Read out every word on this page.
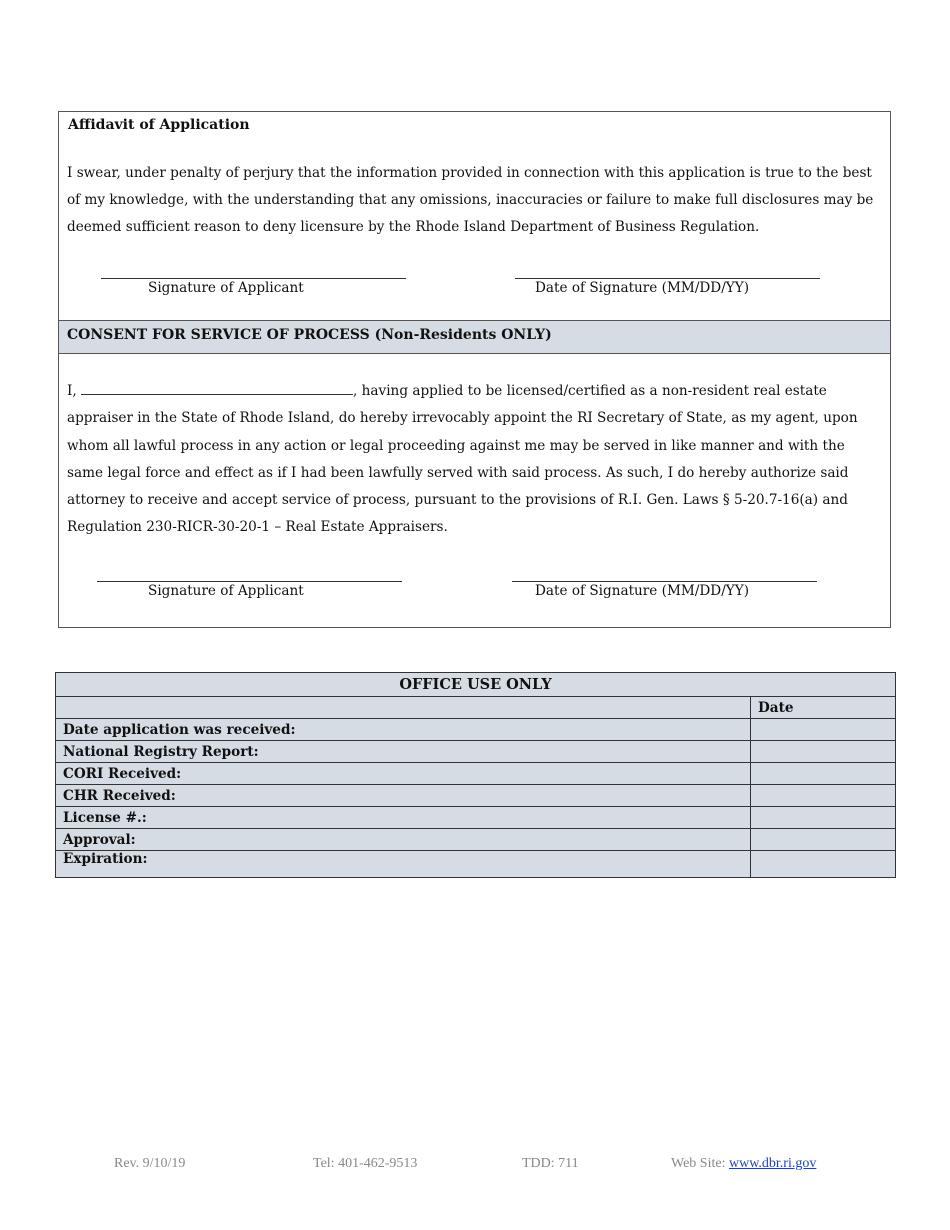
Affidavit of Application
I swear, under penalty of perjury that the information provided in connection with this application is true to the best of my knowledge, with the understanding that any omissions, inaccuracies or failure to make full disclosures may be deemed sufficient reason to deny licensure by the Rhode Island Department of Business Regulation.
Signature of Applicant	Date of Signature (MM/DD/YY)
CONSENT FOR SERVICE OF PROCESS (Non-Residents ONLY)
I,	, having applied to be licensed/certified as a non-resident real estate appraiser in the State of Rhode Island, do hereby irrevocably appoint the RI Secretary of State, as my agent, upon whom all lawful process in any action or legal proceeding against me may be served in like manner and with the same legal force and effect as if I had been lawfully served with said process. As such, I do hereby authorize said attorney to receive and accept service of process, pursuant to the provisions of R.I. Gen. Laws § 5-20.7-16(a) and Regulation 230-RICR-30-20-1 – Real Estate Appraisers.
Signature of Applicant	Date of Signature (MM/DD/YY)
OFFICE USE ONLY	
	Date
Date application was received:	
National Registry Report:	
CORI Received:	
CHR Received:	
License #.:	
Approval:	
Expiration:	
Rev. 9/10/19	Tel: 401-462-9513	TDD: 711	Web Site: www.dbr.ri.gov
